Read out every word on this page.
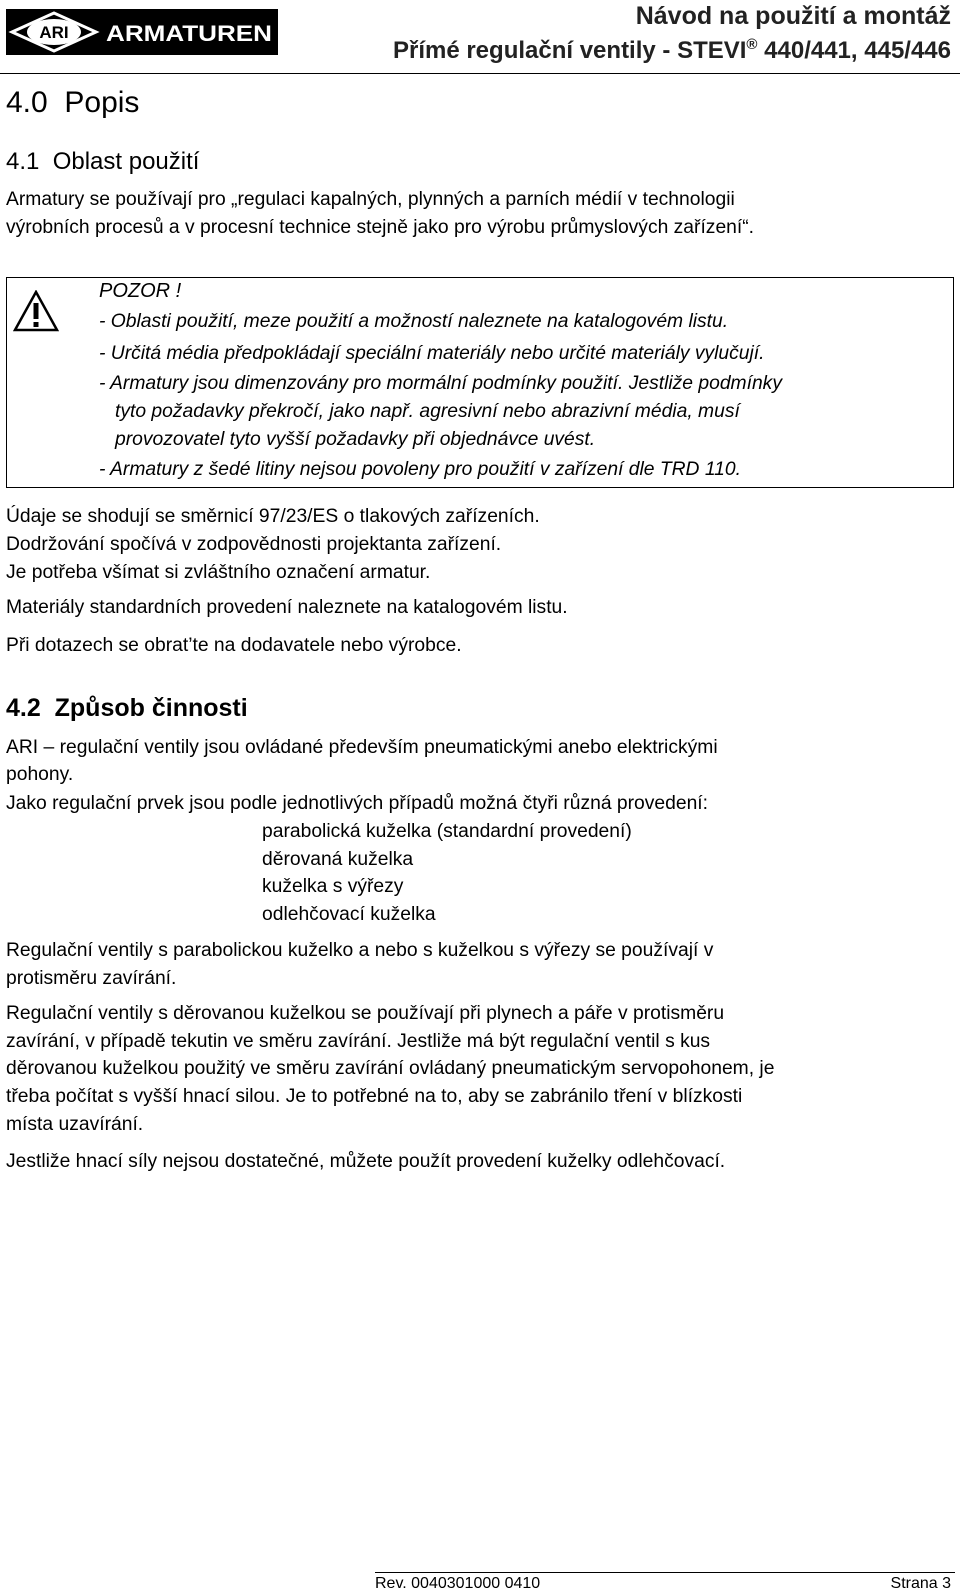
ARI ARMATUREN
Návod na použití a montáž
Přímé regulační ventily - STEVI® 440/441, 445/446
4.0 Popis
4.1  Oblast použití
Armatury se používají pro „regulaci kapalných, plynných a parních médií v technologii
výrobních procesů a v procesní technice stejně jako pro výrobu průmyslových zařízení“.
POZOR !
- Oblasti použití, meze použití a možností naleznete na katalogovém listu.
- Určitá média předpokládají speciální materiály nebo určité materiály vylučují.
- Armatury jsou dimenzovány pro mormální podmínky použití. Jestliže podmínky
tyto požadavky překročí, jako např. agresivní nebo abrazivní média, musí
provozovatel tyto vyšší požadavky při objednávce uvést.
- Armatury z šedé litiny nejsou povoleny pro použití v zařízení dle TRD 110.
Údaje se shodují se směrnicí 97/23/ES o tlakových zařízeních.
Dodržování spočívá v zodpovědnosti projektanta zařízení.
Je potřeba všímat si zvláštního označení armatur.
Materiály standardních provedení naleznete na katalogovém listu.
Při dotazech se obrat’te na dodavatele nebo výrobce.
4.2  Způsob činnosti
ARI – regulační ventily jsou ovládané především pneumatickými anebo elektrickými
pohony.
Jako regulační prvek jsou podle jednotlivých případů možná čtyři různá provedení:
parabolická kuželka (standardní provedení)
děrovaná kuželka
kuželka s výřezy
odlehčovací kuželka
Regulační ventily s parabolickou kuželko a nebo s kuželkou s výřezy se používají v
protisměru zavírání.
Regulační ventily s děrovanou kuželkou se používají při plynech a páře v protisměru
zavírání, v případě tekutin ve směru zavírání. Jestliže má být regulační ventil s kus
děrovanou kuželkou použitý ve směru zavírání ovládaný pneumatickým servopohonem, je
třeba počítat s vyšší hnací silou. Je to potřebné na to, aby se zabránilo tření v blízkosti
místa uzavírání.
Jestliže hnací síly nejsou dostatečné, můžete použít provedení kuželky odlehčovací.
Rev. 0040301000 0410	Strana 3
